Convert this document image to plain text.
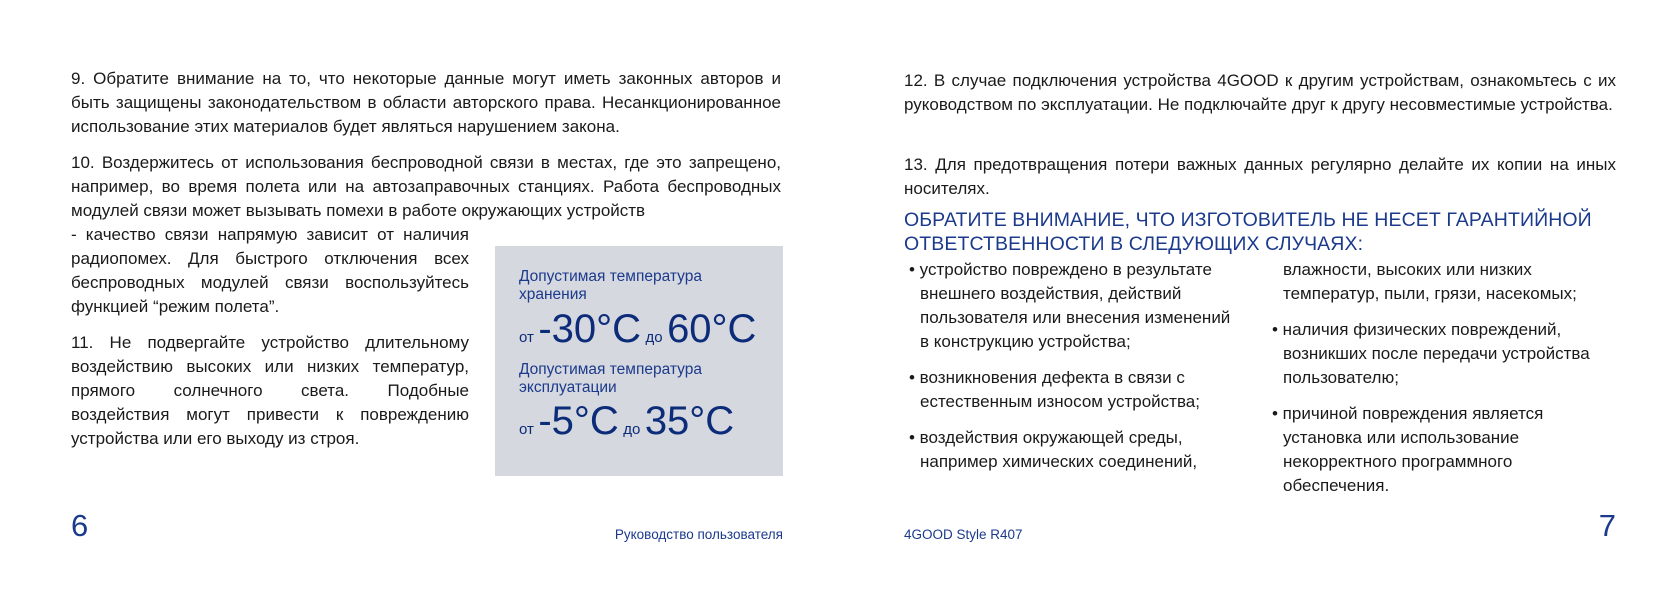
9. Обратите внимание на то, что некоторые данные могут иметь законных авторов и быть защищены законодательством в области авторского права. Несанкционированное использование этих материалов будет являться нарушением закона.

10. Воздержитесь от использования беспроводной связи в местах, где это запрещено, например, во время полета или на автозаправочных станциях. Работа беспроводных модулей связи может вызывать помехи в работе окружающих устройств

- качество связи напрямую зависит от наличия радиопомех. Для быстрого отключения всех беспроводных модулей связи воспользуйтесь функцией “режим полета”.

11. Не подвергайте устройство длительному воздействию высоких или низких температур, прямого солнечного света. Подобные воздействия могут привести к повреждению устройства или его выходу из строя.

Допустимая температура хранения
от -30°C до 60°C
Допустимая температура эксплуатации
от -5°C до 35°C
6	Руководство пользователя

12. В случае подключения устройства 4GOOD к другим устройствам, ознакомьтесь с их руководством по эксплуатации. Не подключайте друг к другу несовместимые устройства.

13. Для предотвращения потери важных данных регулярно делайте их копии на иных носителях.

ОБРАТИТЕ ВНИМАНИЕ, ЧТО ИЗГОТОВИТЕЛЬ НЕ НЕСЕТ ГАРАНТИЙНОЙ ОТВЕТСТВЕННОСТИ В СЛЕДУЮЩИХ СЛУЧАЯХ:

• устройство повреждено в результате внешнего воздействия, действий пользователя или внесения изменений в конструкцию устройства;

• возникновения дефекта в связи с естественным износом устройства;

• воздействия окружающей среды, например химических соединений,

влажности, высоких или низких температур, пыли, грязи, насекомых;

• наличия физических повреждений, возникших после передачи устройства пользователю;

• причиной повреждения является установка или использование некорректного программного обеспечения.

4GOOD Style R407	7
